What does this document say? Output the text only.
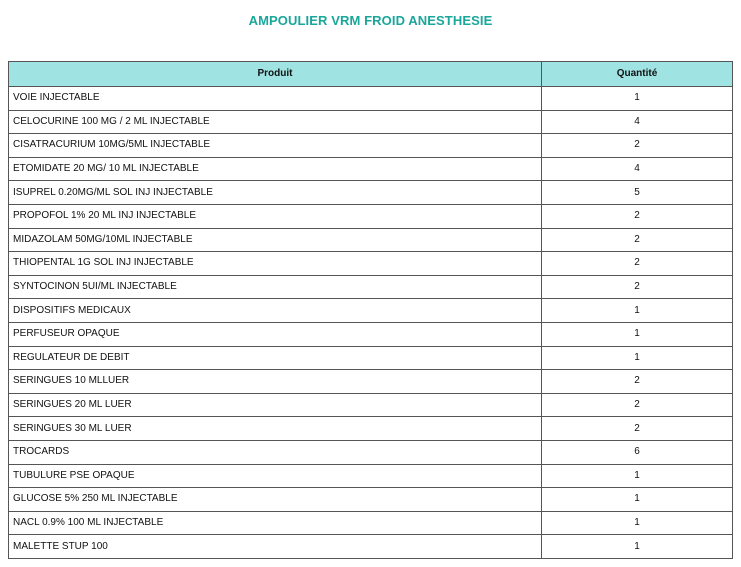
AMPOULIER VRM FROID ANESTHESIE
Produit	Quantité
VOIE INJECTABLE	1
CELOCURINE 100 MG / 2 ML INJECTABLE	4
CISATRACURIUM 10MG/5ML INJECTABLE	2
ETOMIDATE 20 MG/ 10 ML INJECTABLE	4
ISUPREL 0.20MG/ML SOL INJ INJECTABLE	5
PROPOFOL 1% 20 ML INJ INJECTABLE	2
MIDAZOLAM 50MG/10ML INJECTABLE	2
THIOPENTAL 1G SOL INJ INJECTABLE	2
SYNTOCINON 5UI/ML INJECTABLE	2
DISPOSITIFS MEDICAUX	1
PERFUSEUR OPAQUE	1
REGULATEUR DE DEBIT	1
SERINGUES 10 MLLUER	2
SERINGUES 20 ML LUER	2
SERINGUES 30 ML LUER	2
TROCARDS	6
TUBULURE PSE OPAQUE	1
GLUCOSE 5% 250 ML INJECTABLE	1
NACL 0.9% 100 ML INJECTABLE	1
MALETTE STUP 100	1
